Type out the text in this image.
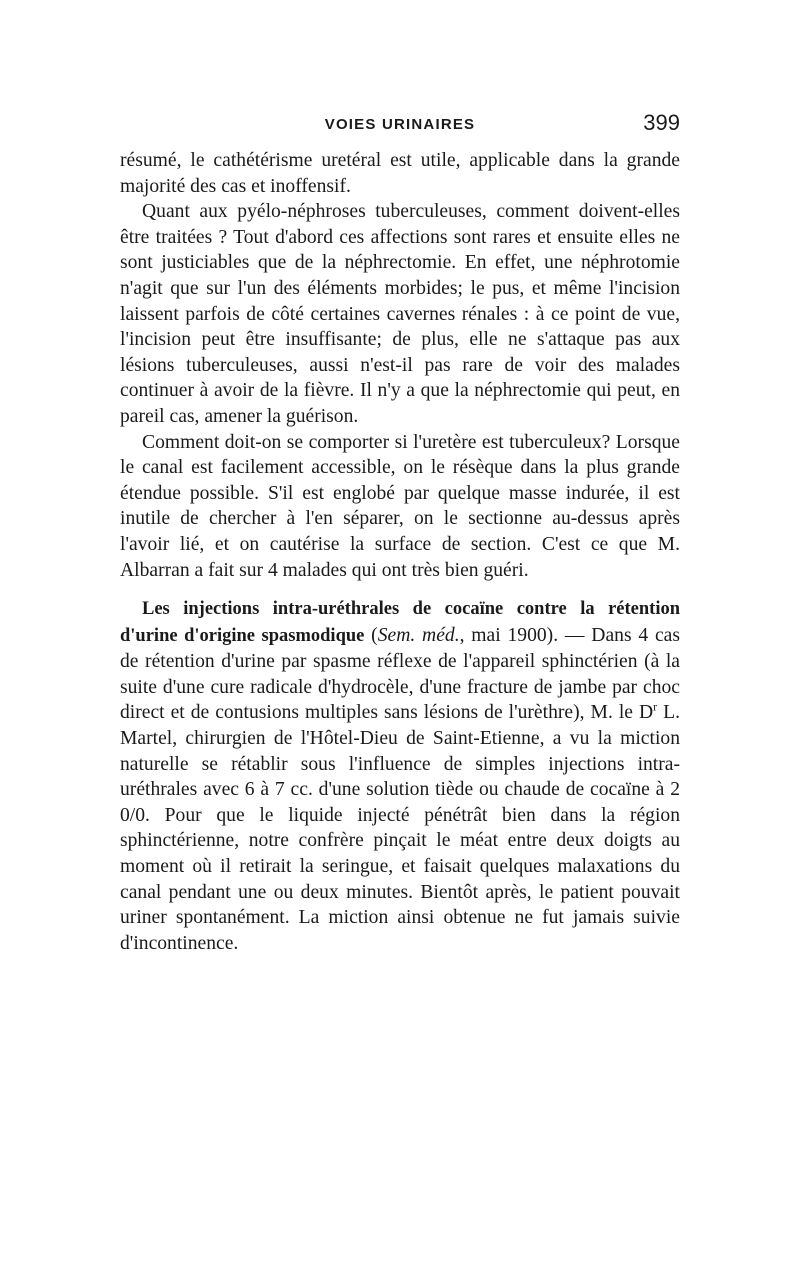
VOIES URINAIRES	399

résumé, le cathétérisme uretéral est utile, applicable dans la grande majorité des cas et inoffensif.

Quant aux pyélo-néphroses tuberculeuses, comment doivent-elles être traitées ? Tout d'abord ces affections sont rares et ensuite elles ne sont justiciables que de la néphrectomie. En effet, une néphrotomie n'agit que sur l'un des éléments morbides; le pus, et même l'incision laissent parfois de côté certaines cavernes rénales : à ce point de vue, l'incision peut être insuffisante; de plus, elle ne s'attaque pas aux lésions tuberculeuses, aussi n'est-il pas rare de voir des malades continuer à avoir de la fièvre. Il n'y a que la néphrectomie qui peut, en pareil cas, amener la guérison.

Comment doit-on se comporter si l'uretère est tuberculeux? Lorsque le canal est facilement accessible, on le résèque dans la plus grande étendue possible. S'il est englobé par quelque masse indurée, il est inutile de chercher à l'en séparer, on le sectionne au-dessus après l'avoir lié, et on cautérise la surface de section. C'est ce que M. Albarran a fait sur 4 malades qui ont très bien guéri.

Les injections intra-uréthrales de cocaïne contre la rétention d'urine d'origine spasmodique (Sem. méd., mai 1900). — Dans 4 cas de rétention d'urine par spasme réflexe de l'appareil sphinctérien (à la suite d'une cure radicale d'hydrocèle, d'une fracture de jambe par choc direct et de contusions multiples sans lésions de l'urèthre), M. le $D^r$ L. Martel, chirurgien de l'Hôtel-Dieu de Saint-Etienne, a vu la miction naturelle se rétablir sous l'influence de simples injections intra-uréthrales avec 6 à 7 cc. d'une solution tiède ou chaude de cocaïne à 2 0/0. Pour que le liquide injecté pénétrât bien dans la région sphinctérienne, notre confrère pinçait le méat entre deux doigts au moment où il retirait la seringue, et faisait quelques malaxations du canal pendant une ou deux minutes. Bientôt après, le patient pouvait uriner spontanément. La miction ainsi obtenue ne fut jamais suivie d'incontinence.
